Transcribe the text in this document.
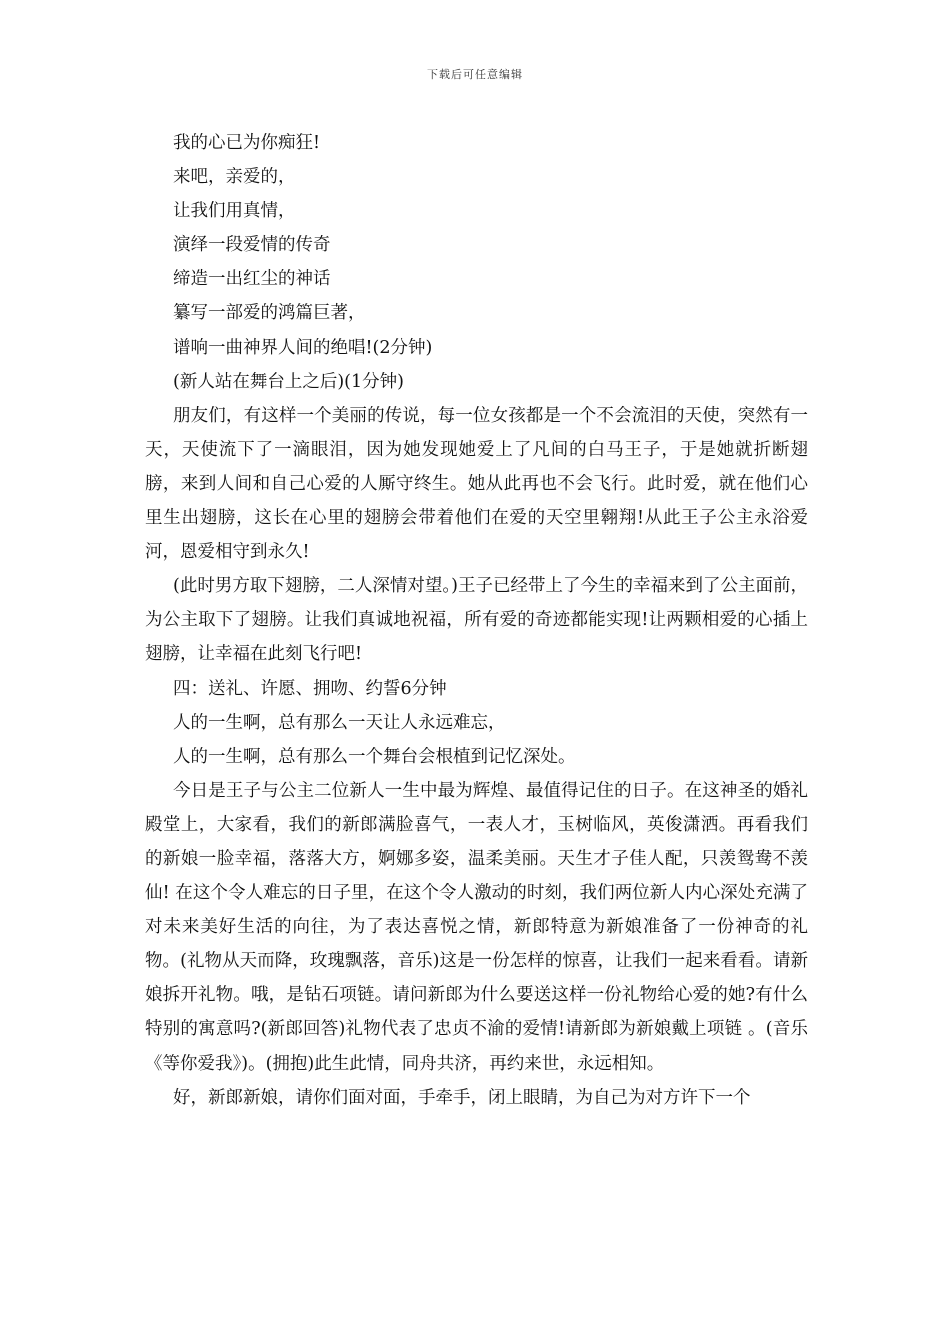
下载后可任意编辑

我的心已为你痴狂!

来吧，亲爱的，

让我们用真情，

演绎一段爱情的传奇

缔造一出红尘的神话

纂写一部爱的鸿篇巨著，

谱响一曲神界人间的绝唱!(2分钟)

(新人站在舞台上之后)(1分钟)

朋友们，有这样一个美丽的传说，每一位女孩都是一个不会流泪的天使，突然有一天，天使流下了一滴眼泪，因为她发现她爱上了凡间的白马王子，于是她就折断翅膀，来到人间和自己心爱的人厮守终生。她从此再也不会飞行。此时爱，就在他们心里生出翅膀，这长在心里的翅膀会带着他们在爱的天空里翱翔!从此王子公主永浴爱河，恩爱相守到永久!

(此时男方取下翅膀，二人深情对望。)王子已经带上了今生的幸福来到了公主面前，为公主取下了翅膀。让我们真诚地祝福，所有爱的奇迹都能实现!让两颗相爱的心插上翅膀，让幸福在此刻飞行吧!

四：送礼、许愿、拥吻、约誓6分钟

人的一生啊，总有那么一天让人永远难忘，

人的一生啊，总有那么一个舞台会根植到记忆深处。

今日是王子与公主二位新人一生中最为辉煌、最值得记住的日子。在这神圣的婚礼殿堂上，大家看，我们的新郎满脸喜气，一表人才，玉树临风，英俊潇洒。再看我们的新娘一脸幸福，落落大方，婀娜多姿，温柔美丽。天生才子佳人配，只羡鸳鸯不羡仙! 在这个令人难忘的日子里，在这个令人激动的时刻，我们两位新人内心深处充满了对未来美好生活的向往，为了表达喜悦之情，新郎特意为新娘准备了一份神奇的礼物。(礼物从天而降，玫瑰飘落，音乐)这是一份怎样的惊喜，让我们一起来看看。请新娘拆开礼物。哦，是钻石项链。请问新郎为什么要送这样一份礼物给心爱的她?有什么特别的寓意吗?(新郎回答)礼物代表了忠贞不渝的爱情!请新郎为新娘戴上项链 。(音乐《等你爱我》)。(拥抱)此生此情，同舟共济，再约来世，永远相知。

好，新郎新娘，请你们面对面，手牵手，闭上眼睛，为自己为对方许下一个
